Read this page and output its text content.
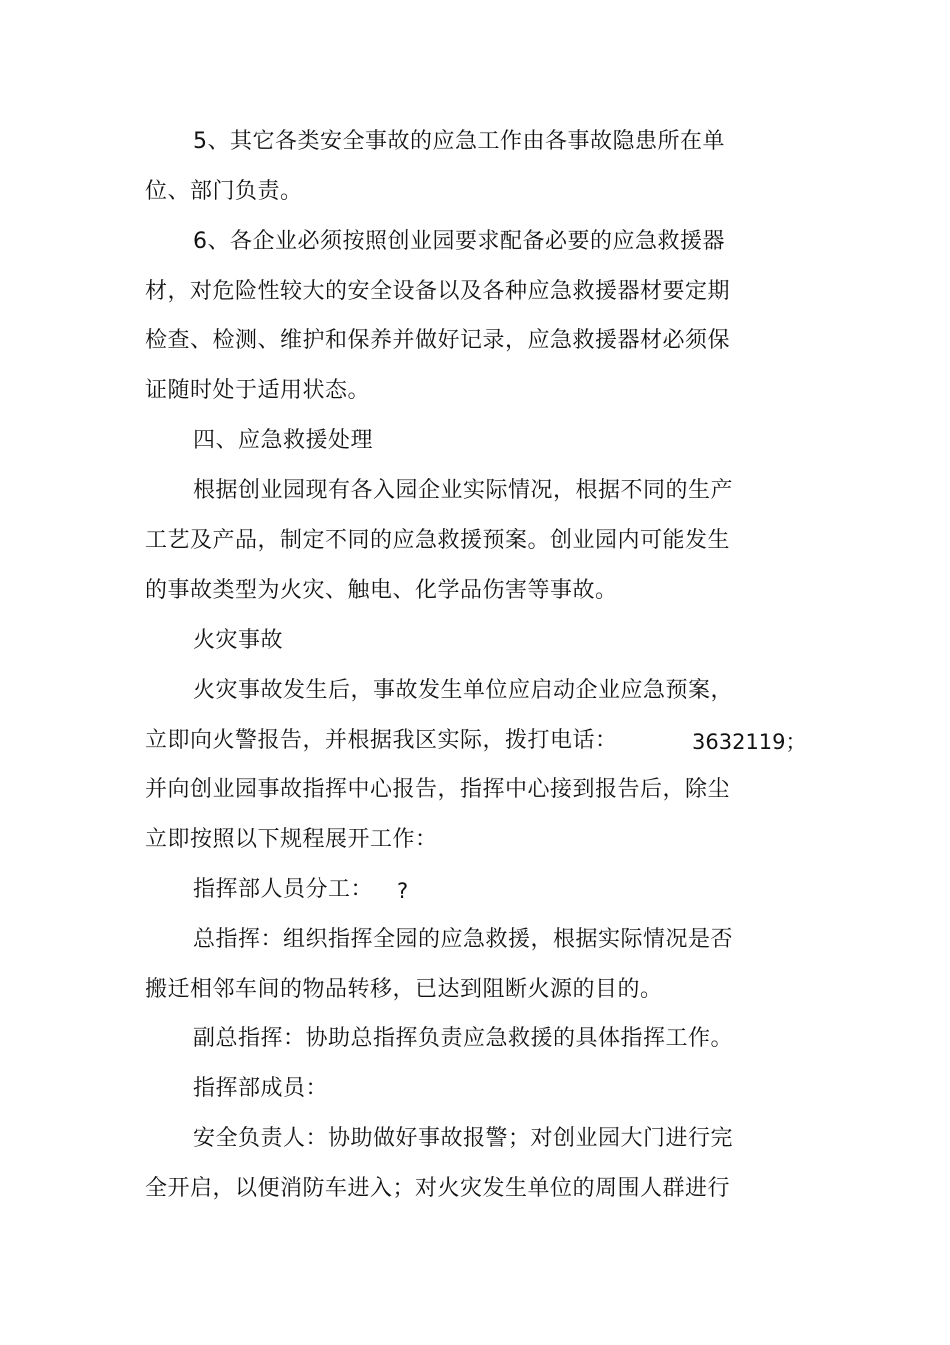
5、其它各类安全事故的应急工作由各事故隐患所在单
位、部门负责。
6、各企业必须按照创业园要求配备必要的应急救援器
材，对危险性较大的安全设备以及各种应急救援器材要定期
检查、检测、维护和保养并做好记录，应急救援器材必须保
证随时处于适用状态。
四、应急救援处理
根据创业园现有各入园企业实际情况，根据不同的生产
工艺及产品，制定不同的应急救援预案。创业园内可能发生
的事故类型为火灾、触电、化学品伤害等事故。
火灾事故
火灾事故发生后，事故发生单位应启动企业应急预案，
立即向火警报告，并根据我区实际，拨打电话：	3632119；
并向创业园事故指挥中心报告，指挥中心接到报告后，除尘
立即按照以下规程展开工作：
指挥部人员分工： ?
总指挥：组织指挥全园的应急救援，根据实际情况是否
搬迁相邻车间的物品转移，已达到阻断火源的目的。
副总指挥：协助总指挥负责应急救援的具体指挥工作。
指挥部成员：
安全负责人：协助做好事故报警；对创业园大门进行完
全开启，以便消防车进入；对火灾发生单位的周围人群进行
